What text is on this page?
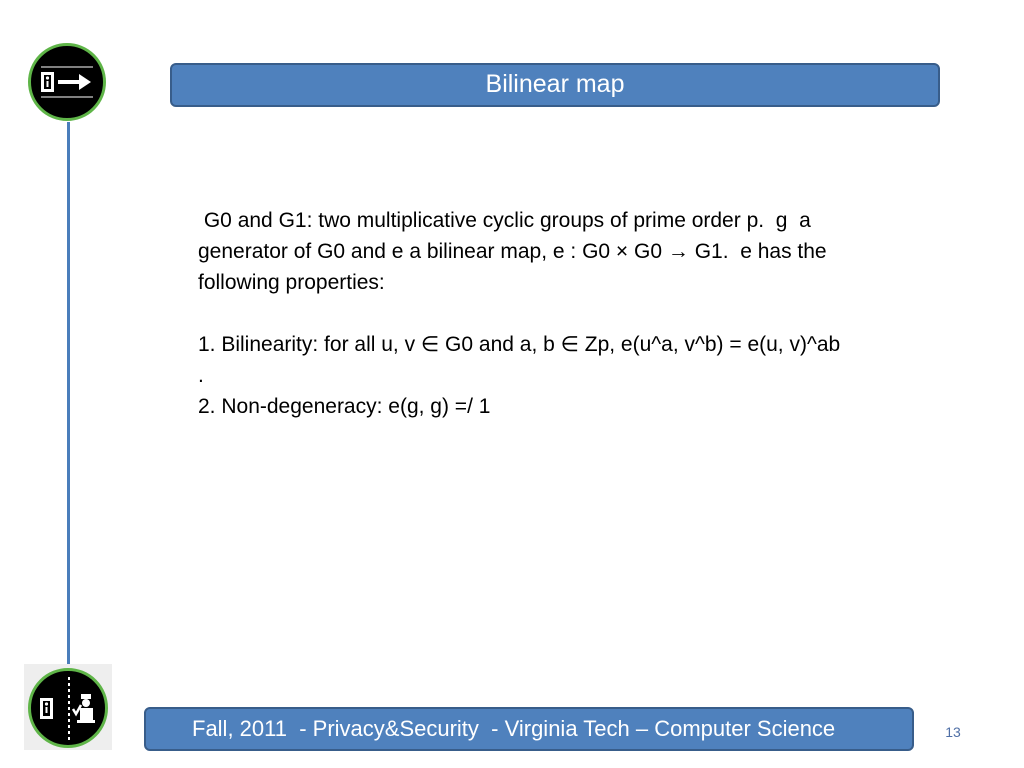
Bilinear map

G0 and G1: two multiplicative cyclic groups of prime order p.  g  a generator of G0 and e a bilinear map, e : G0 × G0 → G1.  e has the following properties:

1. Bilinearity: for all u, v ∈ G0 and a, b ∈ Zp, e(u^a, v^b) = e(u, v)^ab

.

2. Non-degeneracy: e(g, g) =/ 1

Fall, 2011  - Privacy&Security  - Virginia Tech – Computer Science	13
